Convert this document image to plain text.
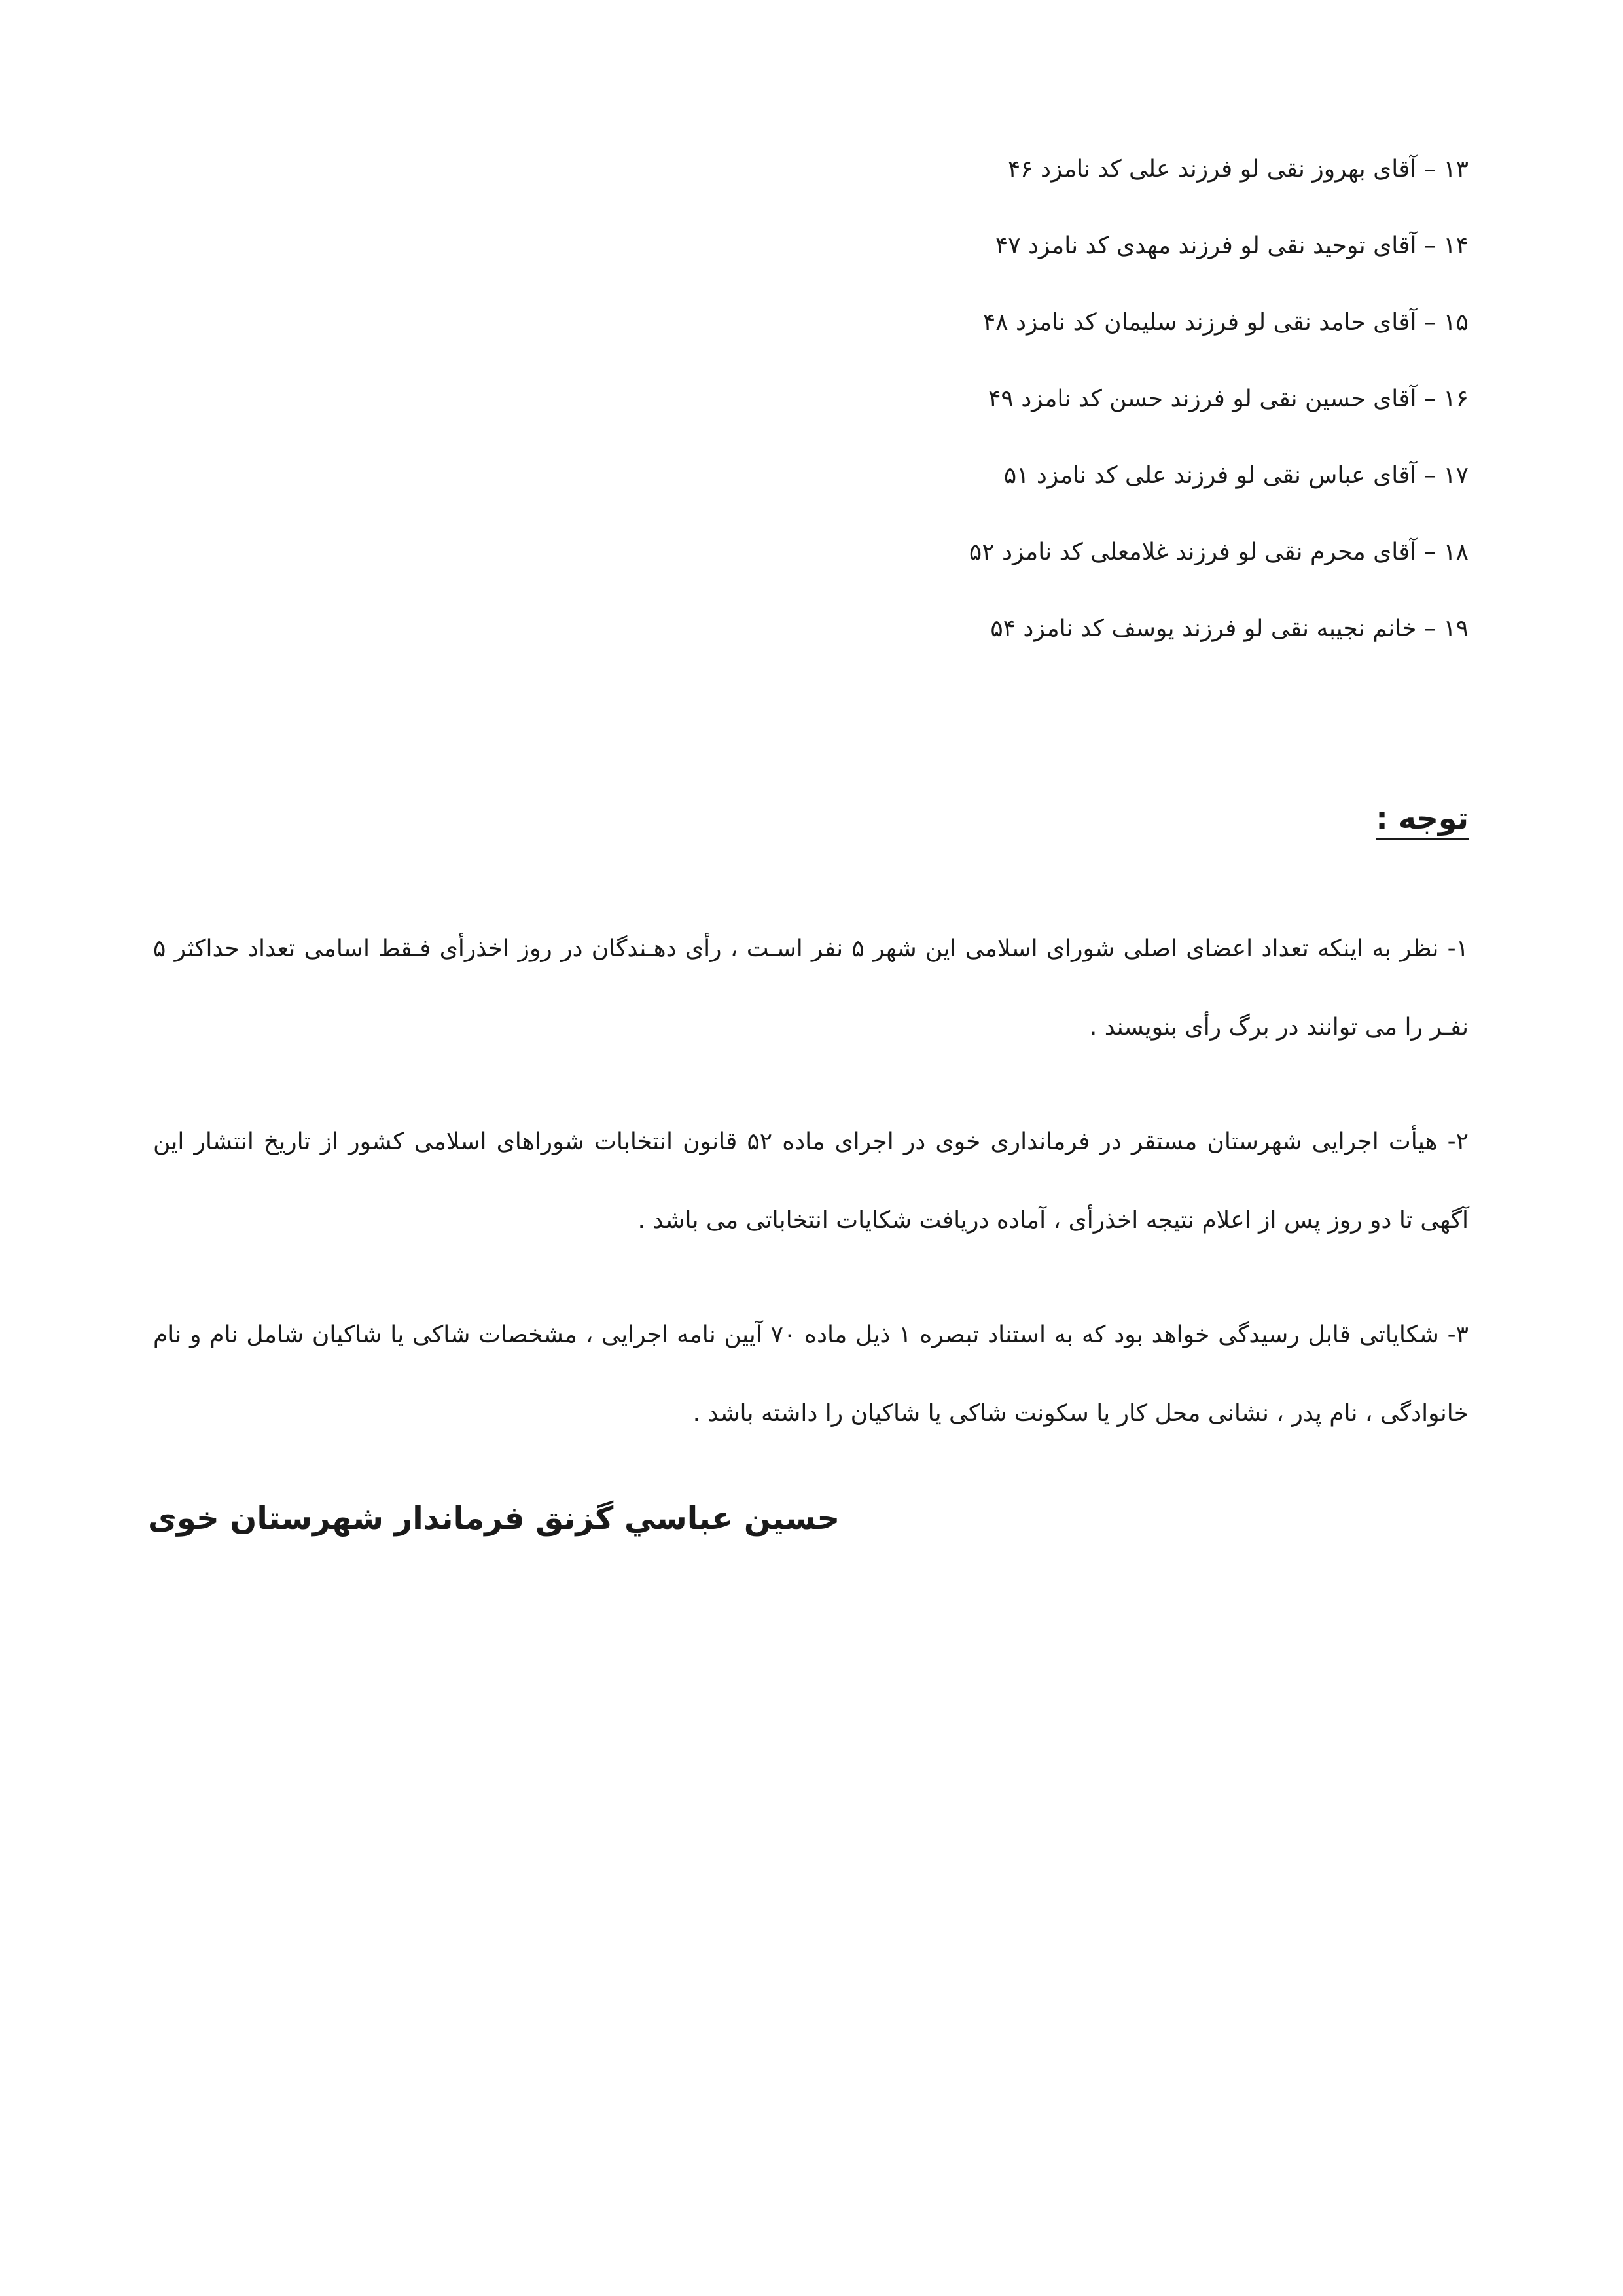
۱۳ – آقای بهروز نقی لو فرزند علی کد نامزد ۴۶
۱۴ – آقای توحید نقی لو فرزند مهدی کد نامزد ۴۷
۱۵ – آقای حامد نقی لو فرزند سلیمان کد نامزد ۴۸
۱۶ – آقای حسین نقی لو فرزند حسن کد نامزد ۴۹
۱۷ – آقای عباس نقی لو فرزند علی کد نامزد ۵۱
۱۸ – آقای محرم نقی لو فرزند غلامعلی کد نامزد ۵۲
۱۹ – خانم نجیبه نقی لو فرزند یوسف کد نامزد ۵۴
توجه :
۱- نظر به اینکه تعداد اعضای اصلی شورای اسلامی این شهر ۵ نفر اسـت ، رأی دهـندگان در روز اخذرأی فـقط اسامی تعداد حداکثر ۵ نفـر را می توانند در برگ رأی بنویسند .
۲- هیأت اجرایی شهرستان مستقر در فرمانداری خوی در اجرای ماده ۵۲ قانون انتخابات شوراهای اسلامی کشور از تاریخ انتشار این آگهی تا دو روز پس از اعلام نتیجه اخذرأی ، آماده دریافت شکایات انتخاباتی می باشد .
۳- شکایاتی قابل رسیدگی خواهد بود که به استناد تبصره ۱ ذیل ماده ۷۰ آیین نامه اجرایی ، مشخصات شاکی یا شاکیان شامل نام و نام خانوادگی ، نام پدر ، نشانی محل کار یا سکونت شاکی یا شاکیان را داشته باشد .

حسين عباسي گزنق فرماندار شهرستان خوی
